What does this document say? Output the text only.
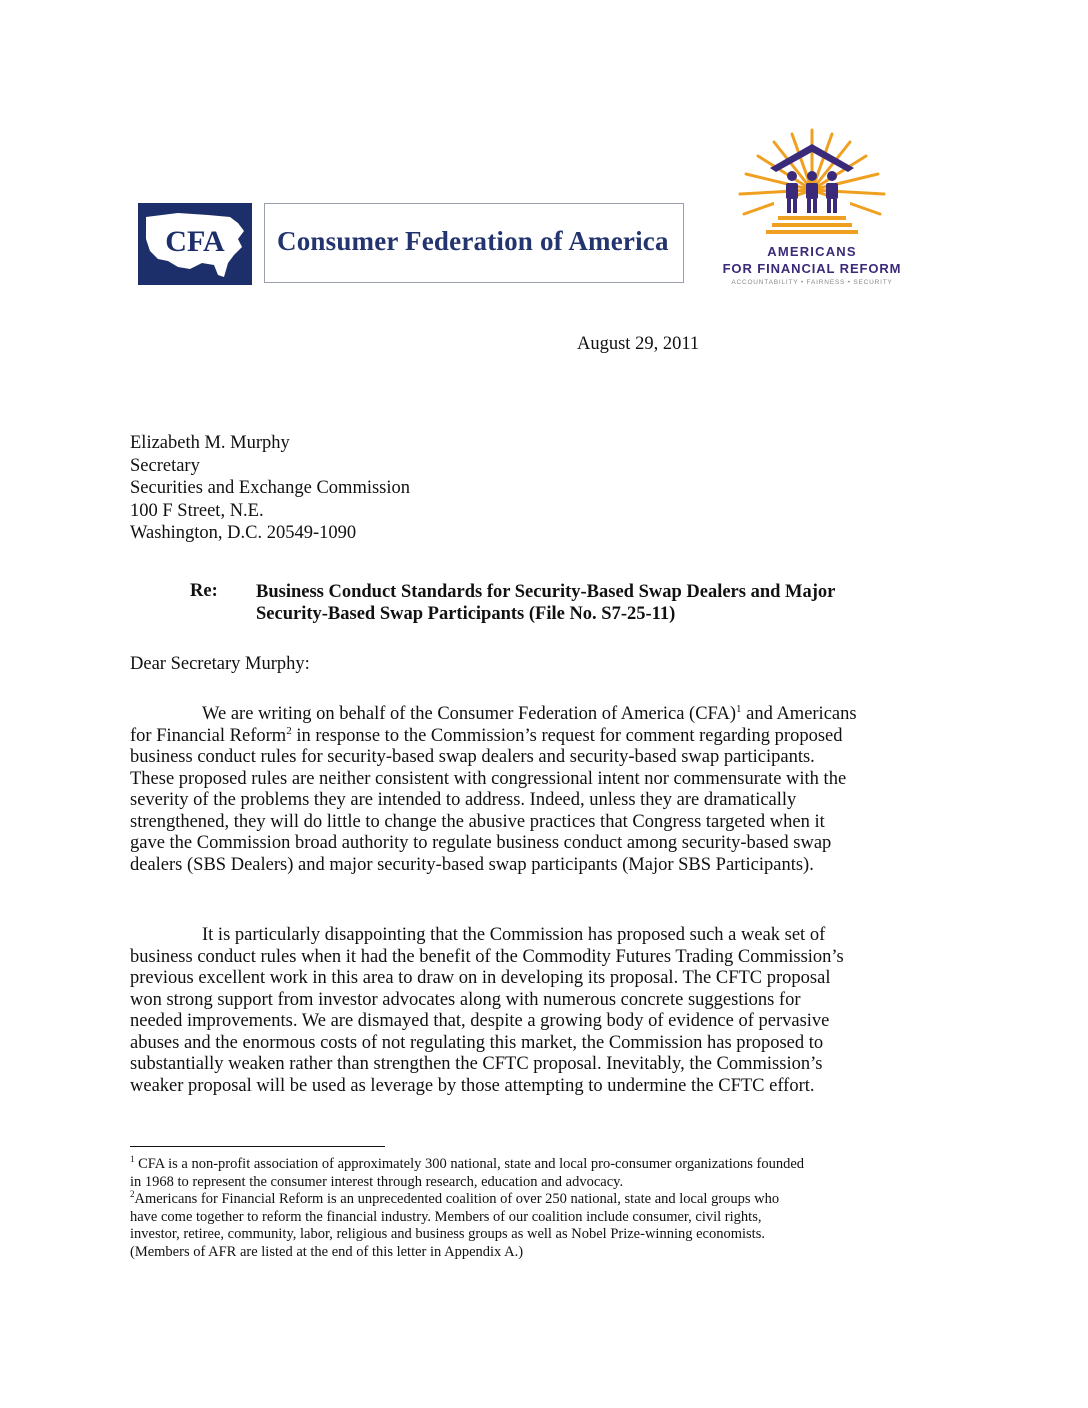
CFA Consumer Federation of America	AMERICANS
FOR FINANCIAL REFORM
ACCOUNTABILITY • FAIRNESS • SECURITY
August 29, 2011
Elizabeth M. Murphy
Secretary
Securities and Exchange Commission
100 F Street, N.E.
Washington, D.C. 20549-1090
Re: Business Conduct Standards for Security-Based Swap Dealers and Major
Security-Based Swap Participants (File No. S7-25-11)
Dear Secretary Murphy:
We are writing on behalf of the Consumer Federation of America (CFA)$^1$ and Americans
for Financial Reform$^2$ in response to the Commission’s request for comment regarding proposed
business conduct rules for security-based swap dealers and security-based swap participants.
These proposed rules are neither consistent with congressional intent nor commensurate with the
severity of the problems they are intended to address. Indeed, unless they are dramatically
strengthened, they will do little to change the abusive practices that Congress targeted when it
gave the Commission broad authority to regulate business conduct among security-based swap
dealers (SBS Dealers) and major security-based swap participants (Major SBS Participants).
It is particularly disappointing that the Commission has proposed such a weak set of
business conduct rules when it had the benefit of the Commodity Futures Trading Commission’s
previous excellent work in this area to draw on in developing its proposal. The CFTC proposal
won strong support from investor advocates along with numerous concrete suggestions for
needed improvements. We are dismayed that, despite a growing body of evidence of pervasive
abuses and the enormous costs of not regulating this market, the Commission has proposed to
substantially weaken rather than strengthen the CFTC proposal. Inevitably, the Commission’s
weaker proposal will be used as leverage by those attempting to undermine the CFTC effort.
$^1$ CFA is a non-profit association of approximately 300 national, state and local pro-consumer organizations founded
in 1968 to represent the consumer interest through research, education and advocacy.
$^2$Americans for Financial Reform is an unprecedented coalition of over 250 national, state and local groups who
have come together to reform the financial industry. Members of our coalition include consumer, civil rights,
investor, retiree, community, labor, religious and business groups as well as Nobel Prize-winning economists.
(Members of AFR are listed at the end of this letter in Appendix A.)
